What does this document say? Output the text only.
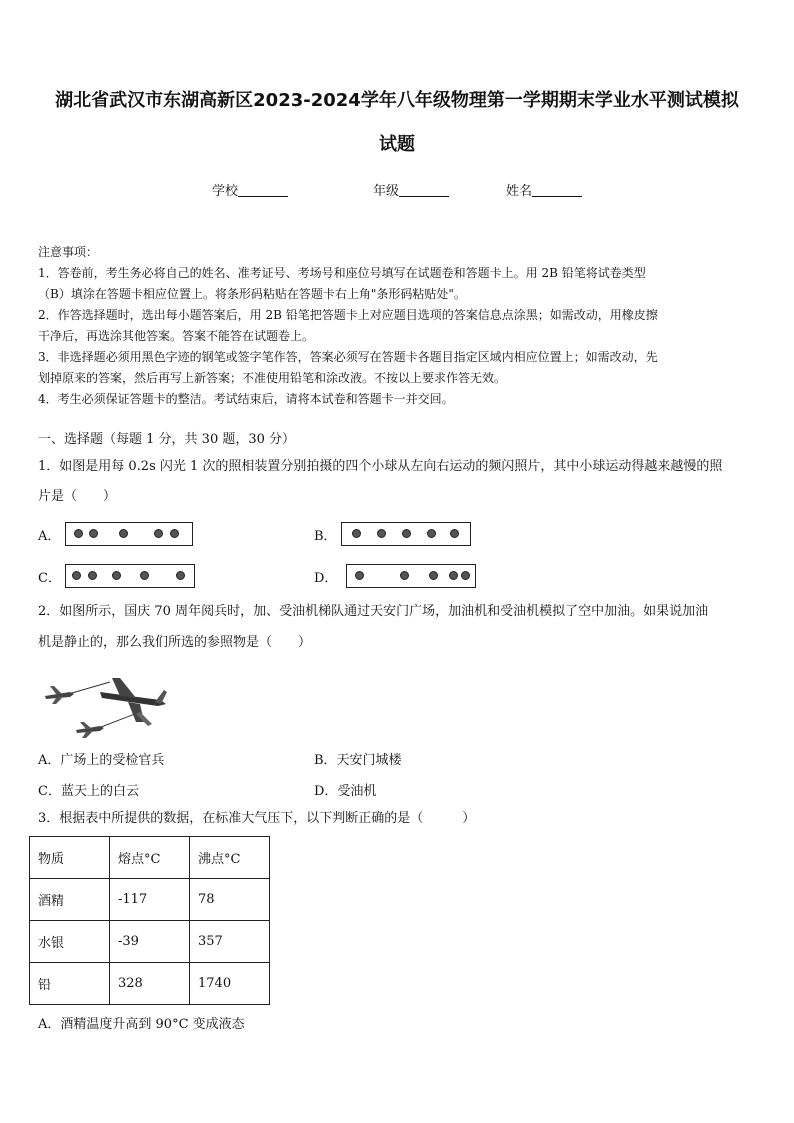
湖北省武汉市东湖高新区2023-2024学年八年级物理第一学期期末学业水平测试模拟
试题
学校	年级	姓名

注意事项：

1．答卷前，考生务必将自己的姓名、准考证号、考场号和座位号填写在试题卷和答题卡上。用 2B 铅笔将试卷类型

（B）填涂在答题卡相应位置上。将条形码粘贴在答题卡右上角"条形码粘贴处"。

2．作答选择题时，选出每小题答案后，用 2B 铅笔把答题卡上对应题目选项的答案信息点涂黑；如需改动，用橡皮擦

干净后，再选涂其他答案。答案不能答在试题卷上。

3．非选择题必须用黑色字迹的钢笔或签字笔作答，答案必须写在答题卡各题目指定区域内相应位置上；如需改动，先

划掉原来的答案，然后再写上新答案；不准使用铅笔和涂改液。不按以上要求作答无效。

4．考生必须保证答题卡的整洁。考试结束后，请将本试卷和答题卡一并交回。

一、选择题（每题 1 分，共 30 题，30 分）
1．如图是用每 0.2s 闪光 1 次的照相装置分别拍摄的四个小球从左向右运动的频闪照片，其中小球运动得越来越慢的照
片是（　　）
A．	B．
C．	D．
2．如图所示，国庆 70 周年阅兵时，加、受油机梯队通过天安门广场，加油机和受油机模拟了空中加油。如果说加油
机是静止的，那么我们所选的参照物是（　　）
A．广场上的受检官兵	B．天安门城楼
C．蓝天上的白云	D．受油机
3．根据表中所提供的数据，在标准大气压下，以下判断正确的是（　　　）
物质	熔点°C	沸点°C
酒精	-117	78
水银	-39	357
铅	328	1740
A．酒精温度升高到 90°C 变成液态
